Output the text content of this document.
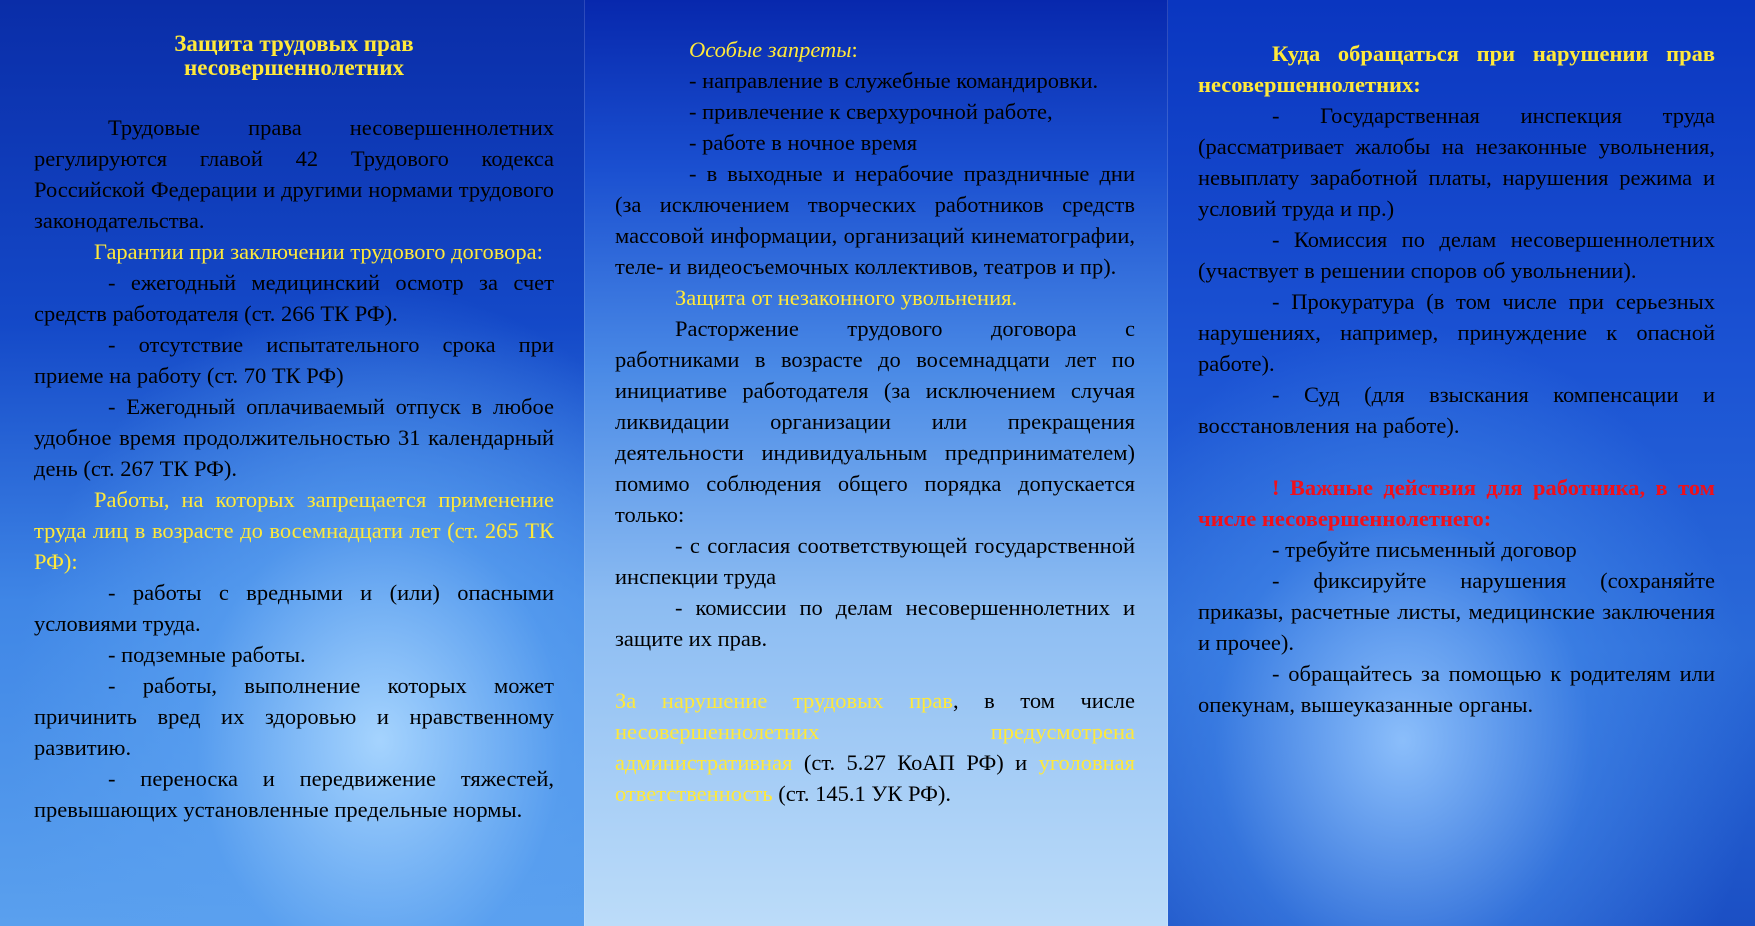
Защита трудовых прав
несовершеннолетних

Трудовые права несовершеннолетних регулируются главой 42 Трудового кодекса Российской Федерации и другими нормами трудового законодательства.

Гарантии при заключении трудового договора:

- ежегодный медицинский осмотр за счет средств работодателя (ст. 266 ТК РФ).

- отсутствие испытательного срока при приеме на работу (ст. 70 ТК РФ)

- Ежегодный оплачиваемый отпуск в любое удобное время продолжительностью 31 календарный день (ст. 267 ТК РФ).

Работы, на которых запрещается применение труда лиц в возрасте до восемнадцати лет (ст. 265 ТК РФ):

- работы с вредными и (или) опасными условиями труда.

- подземные работы.

- работы, выполнение которых может причинить вред их здоровью и нравственному развитию.

- переноска и передвижение тяжестей, превышающих установленные предельные нормы.

Особые запреты:

- направление в служебные командировки.

- привлечение к сверхурочной работе,

- работе в ночное время

- в выходные и нерабочие праздничные дни (за исключением творческих работников средств массовой информации, организаций кинематографии, теле- и видеосъемочных коллективов, театров и пр).

Защита от незаконного увольнения.

Расторжение трудового договора с работниками в возрасте до восемнадцати лет по инициативе работодателя (за исключением случая ликвидации организации или прекращения деятельности индивидуальным предпринимателем) помимо соблюдения общего порядка допускается только:

- с согласия соответствующей государственной инспекции труда

- комиссии по делам несовершеннолетних и защите их прав.

За нарушение трудовых прав, в том числе несовершеннолетних предусмотрена административная (ст. 5.27 КоАП РФ) и уголовная ответственность (ст. 145.1 УК РФ).

Куда обращаться при нарушении прав несовершеннолетних:

- Государственная инспекция труда (рассматривает жалобы на незаконные увольнения, невыплату заработной платы, нарушения режима и условий труда и пр.)

- Комиссия по делам несовершеннолетних (участвует в решении споров об увольнении).

- Прокуратура (в том числе при серьезных нарушениях, например, принуждение к опасной работе).

- Суд (для взыскания компенсации и восстановления на работе).

! Важные действия для работника, в том числе несовершеннолетнего:

- требуйте письменный договор

- фиксируйте нарушения (сохраняйте приказы, расчетные листы, медицинские заключения и прочее).

- обращайтесь за помощью к родителям или опекунам, вышеуказанные органы.
